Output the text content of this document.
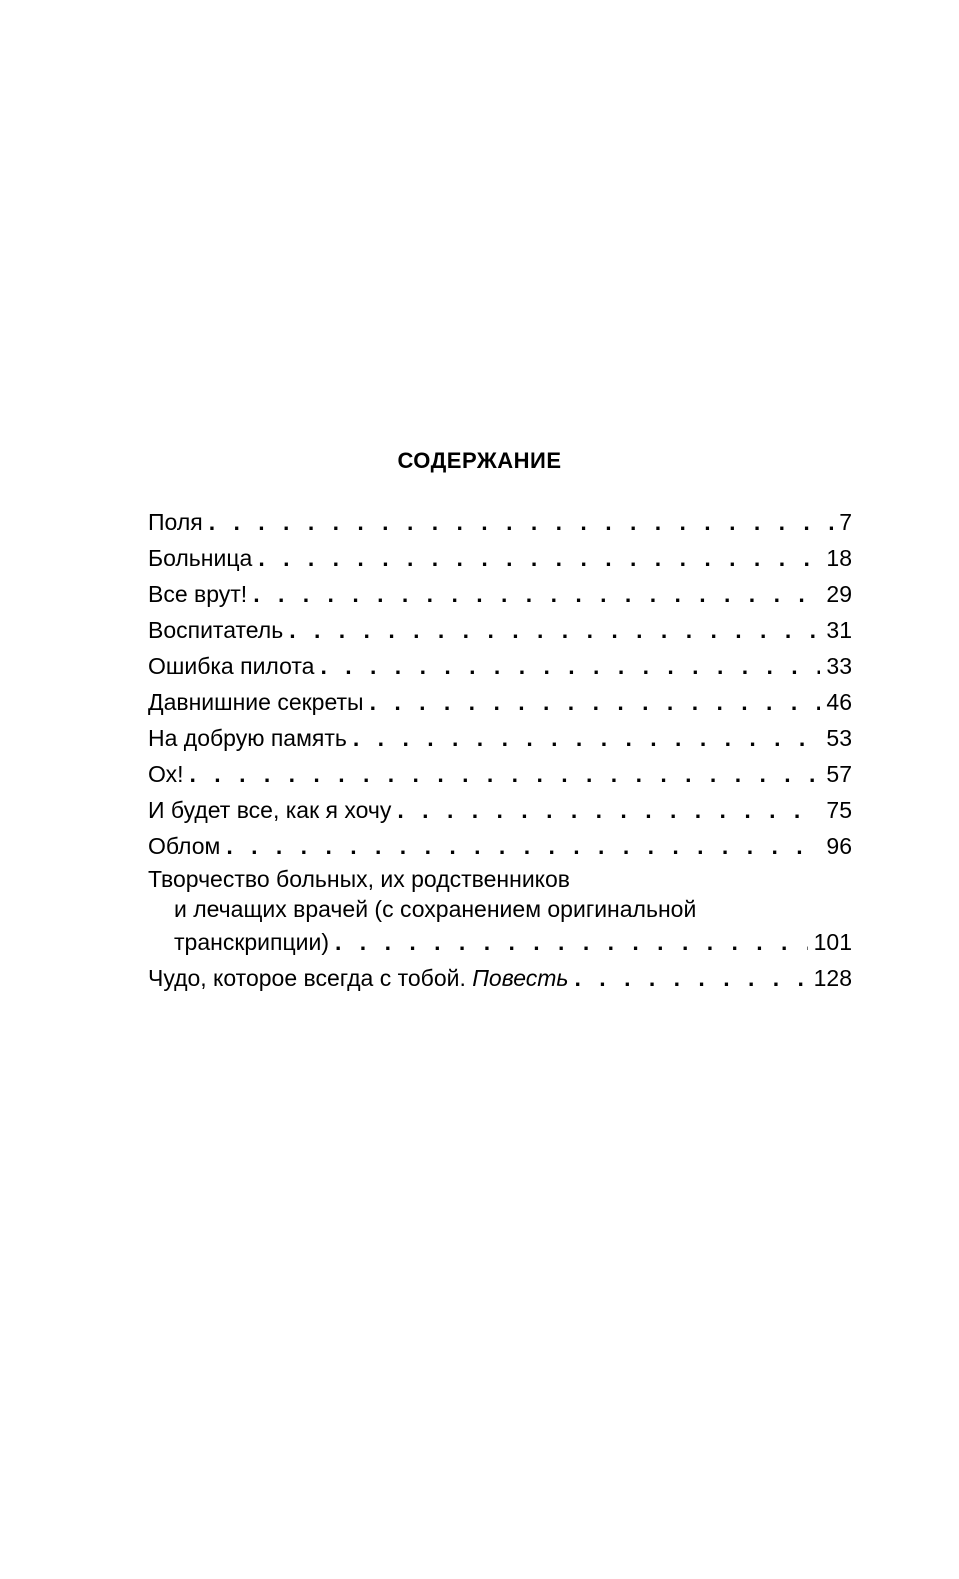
СОДЕРЖАНИЕ
Поля . . .	7
Больница . . .	18
Все врут! . . .	29
Воспитатель . . .	31
Ошибка пилота . . .	33
Давнишние секреты . . .	46
На добрую память . . .	53
Ох! . . .	57
И будет все, как я хочу . . .	75
Облом . . .	96
Творчество больных, их родственников
и лечащих врачей (с сохранением оригинальной
транскрипции) . . .	101
Чудо, которое всегда с тобой. Повесть . . .	128
